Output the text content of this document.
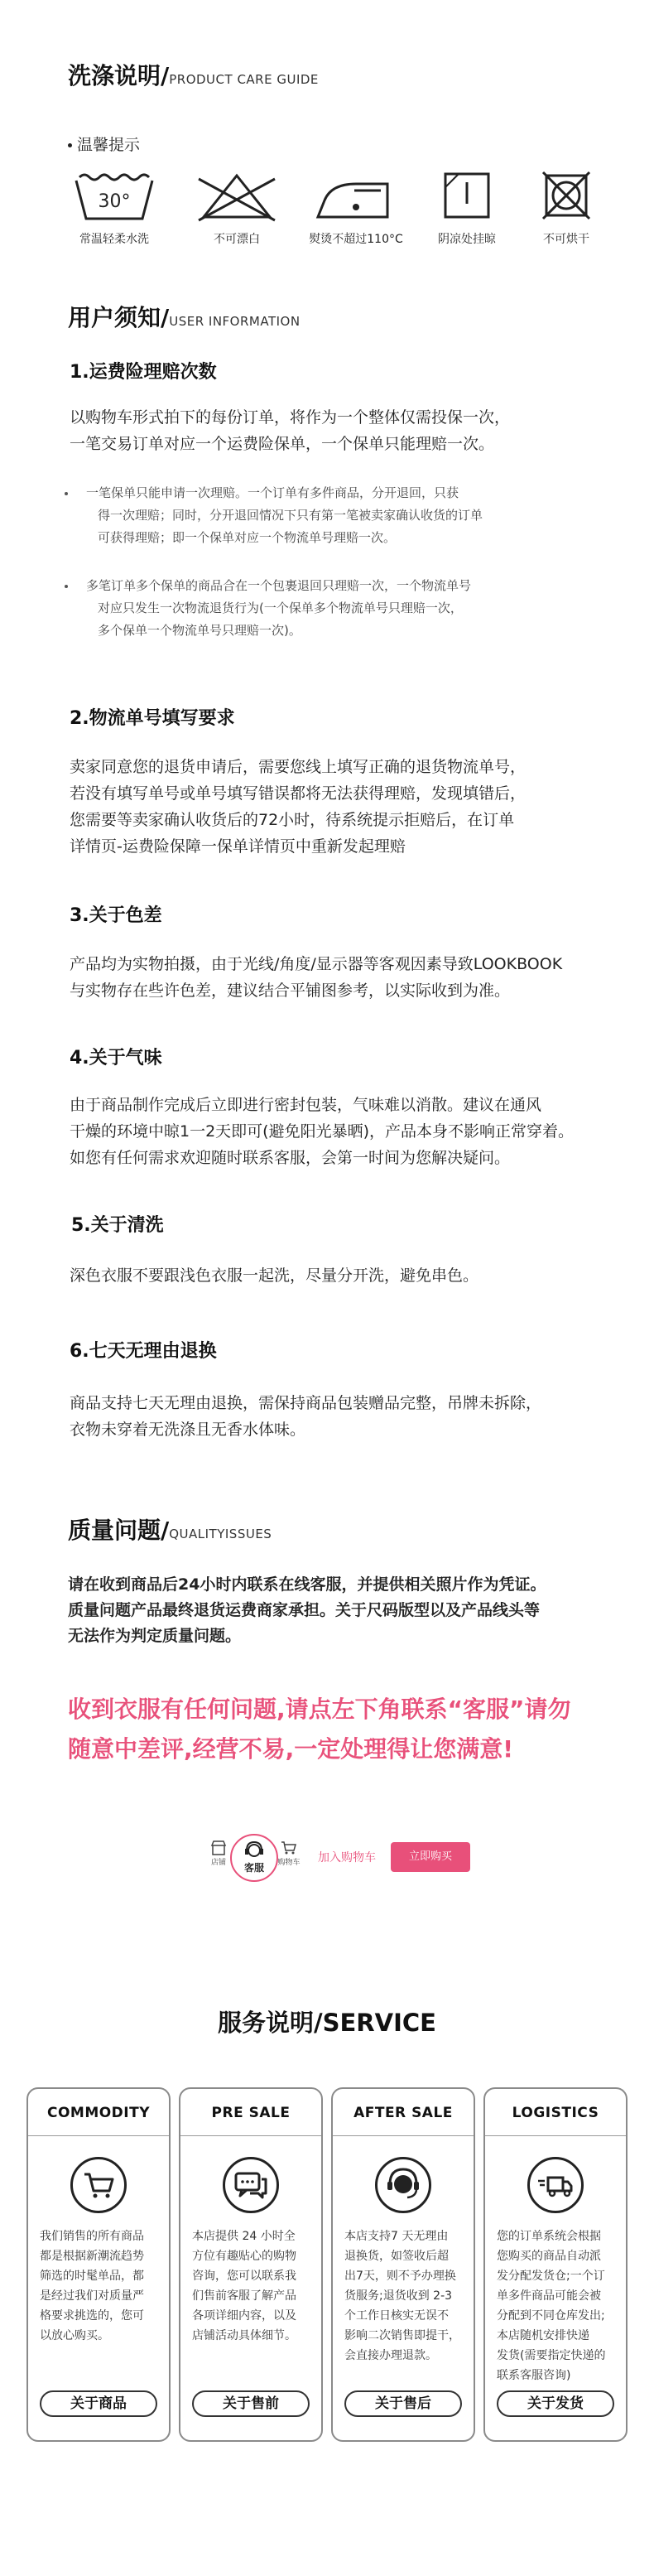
洗涤说明/PRODUCT CARE GUIDE
温馨提示
30°
常温轻柔水洗	不可漂白	熨烫不超过110°C	阴凉处挂晾	不可烘干
用户须知/USER INFORMATION
1.运费险理赔次数

以购物车形式拍下的每份订单，将作为一个整体仅需投保一次，

一笔交易订单对应一个运费险保单，一个保单只能理赔一次。

一笔保单只能申请一次理赔。一个订单有多件商品，分开退回，只获

得一次理赔；同时，分开退回情况下只有第一笔被卖家确认收货的订单

可获得理赔；即一个保单对应一个物流单号理赔一次。

多笔订单多个保单的商品合在一个包裹退回只理赔一次，一个物流单号

对应只发生一次物流退货行为(一个保单多个物流单号只理赔一次，

多个保单一个物流单号只理赔一次)。

2.物流单号填写要求

卖家同意您的退货申请后，需要您线上填写正确的退货物流单号，

若没有填写单号或单号填写错误都将无法获得理赔，发现填错后，

您需要等卖家确认收货后的72小时，待系统提示拒赔后，在订单

详情页-运费险保障一保单详情页中重新发起理赔

3.关于色差

产品均为实物拍摄，由于光线/角度/显示器等客观因素导致LOOKBOOK

与实物存在些许色差，建议结合平铺图参考，以实际收到为准。

4.关于气味

由于商品制作完成后立即进行密封包装，气味难以消散。建议在通风

干燥的环境中晾1一2天即可(避免阳光暴晒)，产品本身不影响正常穿着。

如您有任何需求欢迎随时联系客服，会第一时间为您解决疑问。

5.关于清洗

深色衣服不要跟浅色衣服一起洗，尽量分开洗，避免串色。

6.七天无理由退换

商品支持七天无理由退换，需保持商品包装赠品完整，吊牌未拆除，

衣物未穿着无洗涤且无香水体味。

质量问题/QUALITYISSUES

请在收到商品后24小时内联系在线客服，并提供相关照片作为凭证。

质量问题产品最终退货运费商家承担。关于尺码版型以及产品线头等

无法作为判定质量问题。

收到衣服有任何问题,请点左下角联系“客服”请勿

随意中差评,经营不易,一定处理得让您满意!

店铺	客服	购物车 加入购物车	立即购买
服务说明/SERVICE
COMMODITY

我们销售的所有商品

都是根据新潮流趋势

筛选的时髦单品，都

是经过我们对质量严

格要求挑选的，您可

以放心购买。

关于商品
PRE SALE

本店提供 24 小时全

方位有趣贴心的购物

咨询，您可以联系我

们售前客服了解产品

各项详细内容，以及

店铺活动具体细节。

关于售前
AFTER SALE

本店支持7 天无理由

退换货，如签收后超

出7天，则不予办理换

货服务;退货收到 2-3

个工作日核实无误不

影响二次销售即提干，

会直接办理退款。

关于售后
LOGISTICS

您的订单系统会根据

您购买的商品自动派

发分配发货仓;一个订

单多件商品可能会被

分配到不同仓库发出;

本店随机安排快递

发货(需要指定快递的

联系客服咨询)

关于发货
